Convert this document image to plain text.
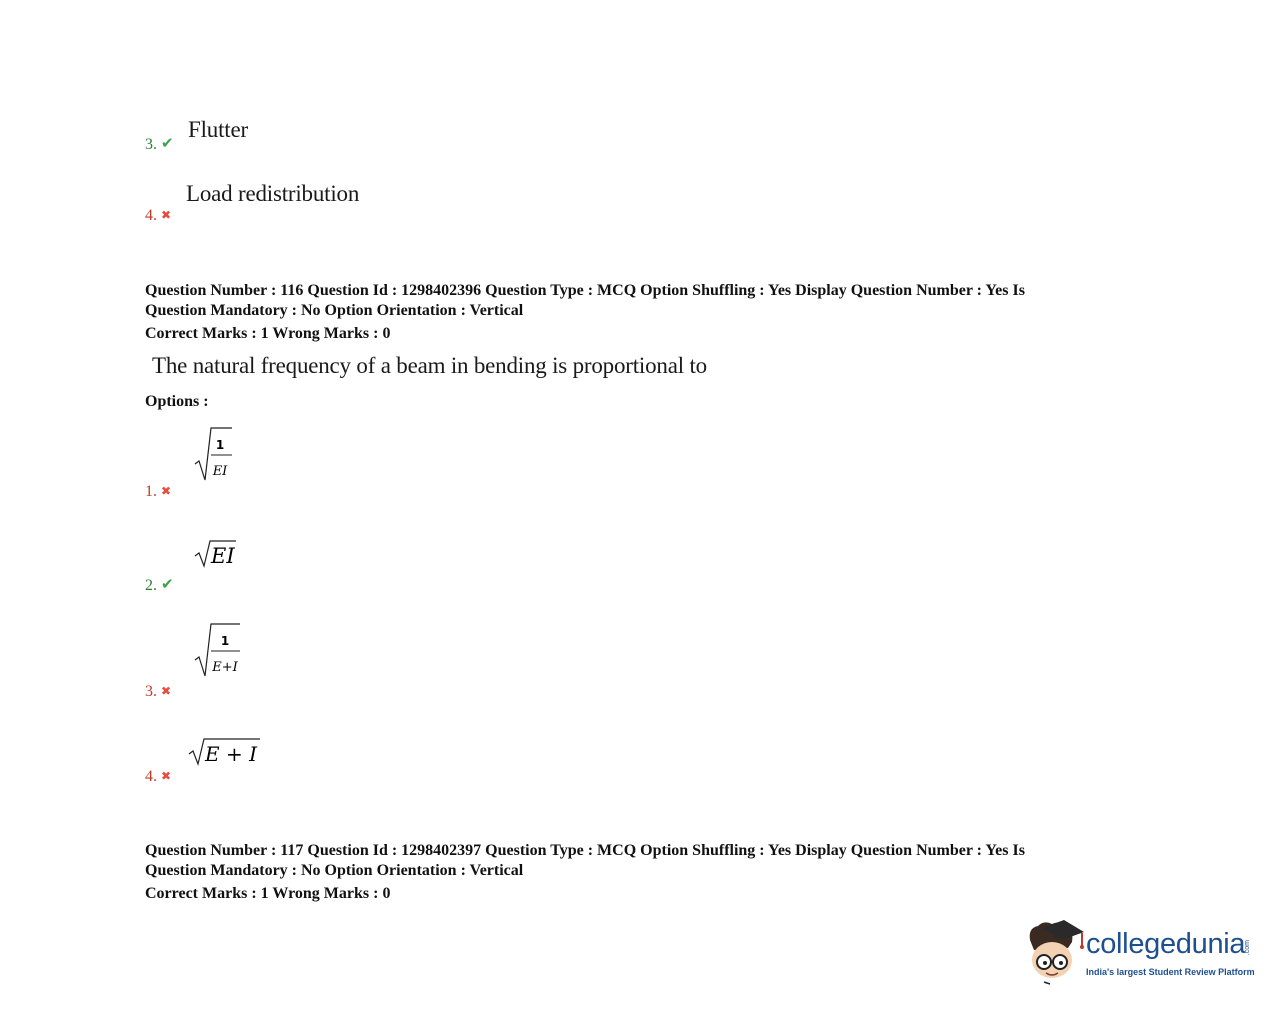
Flutter
3. ✔
Load redistribution
4. ✖
Question Number : 116 Question Id : 1298402396 Question Type : MCQ Option Shuffling : Yes Display Question Number : Yes Is
Question Mandatory : No Option Orientation : Vertical
Correct Marks : 1 Wrong Marks : 0
The natural frequency of a beam in bending is proportional to
Options :
1
EI
1. ✖
EI
2. ✔
1
E+I
3. ✖
E + I
4. ✖
Question Number : 117 Question Id : 1298402397 Question Type : MCQ Option Shuffling : Yes Display Question Number : Yes Is
Question Mandatory : No Option Orientation : Vertical
Correct Marks : 1 Wrong Marks : 0
collegedunia
.com
India's largest Student Review Platform
